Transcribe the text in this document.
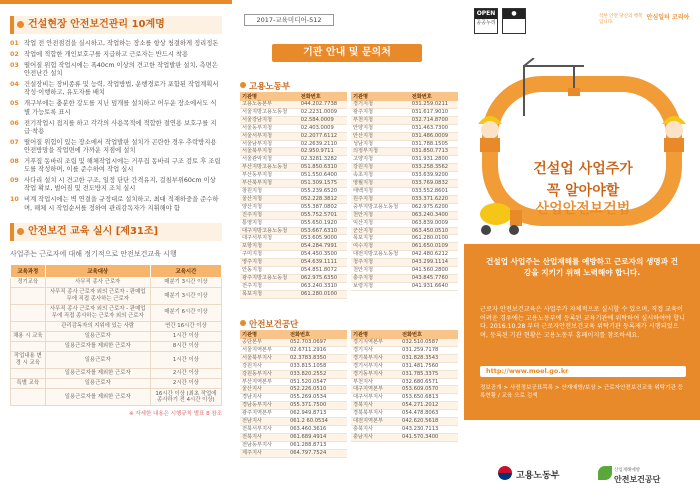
건설현장 안전보건관리 10계명
01 작업 전 안전점검을 실시하고, 작업하는 장소를 항상 청결하게 정리정돈
02 작업에 적합한 개인보호구를 지급하고 근로자는 반드시 착용
03 떨어질 위험 작업시에는 폭40cm 이상의 견고한 작업발판 설치, 측면은 안전난간 설치
04 건설장비는 장비종류 및 능력, 작업방법, 운행경로가 포함된 작업계획서 작성·이행하고, 유도자를 배치
05 개구부에는 충분한 강도를 지닌 덮개를 설치하고 어두운 장소에서도 식별 가능토록 표시
06 전기작업시 접지를 하고 각각의 사용목적에 적합한 절연용 보호구를 지급·착용
07 떨어질 위험이 있는 장소에서 작업발판 설치가 곤란한 경우 추락방지용 안전방망을 작업면에 가까운 지점에 설치
08 거푸집 동바리 조립 및 해체작업시에는 거푸집 동바리 구조 검토 후 조립도를 작성하며, 이를 준수하여 작업 실시
09 사다리 설치 시 견고한 구조, 일정 단단 간격유지, 걸침부위60cm 이상 작업 확보, 벌어짐 및 전도방지 조치 실시
10 비계 작업시에는 벽 연결을 규정대로 설치하고, 최대 적재하중을 준수하며, 해체 시 작업순서를 정하여 관리감독자가 지휘해야 함
안전보건 교육 실시 [제31조]
사업주는 근로자에 대해 정기적으로 안전보건교육 시행
교육과정	교육대상	교육시간
정기교육	사무직 종사 근로자	매분기 3시간 이상
	사무직 종사 근로자 외의 근로자 - 판매업무에 직접 종사하는 근로자	매분기 3시간 이상
	사무직 종사 근로자 외의 근로자 - 판매업무에 직접 종사하는 근로자 외의 근로자	매분기 6시간 이상
	관리감독자의 지위에 있는 사람	연간 16시간 이상
채용 시 교육	일용근로자	1시간 이상
	일용근로자를 제외한 근로자	8시간 이상
작업내용 변경 시 교육	일용근로자	1시간 이상
	일용근로자를 제외한 근로자	2시간 이상
특별 교육	일용근로자	2시간 이상
	일용근로자를 제외한 근로자	16시간 이상 (최초 작업에 종사하기 전 4시간 이상)
※ 자세한 내용은 시행규칙 별표 8 참조
2017-교육미디어-512
기관 안내 및 문의처
고용노동부
기관명	전화번호
고용노동본부	044.202.7738
서울지방고용노동청	02.2231.0009
서울강남지청	02.584.0009
서울동부지청	02.403.0009
서울서부지청	02.2077.6112
서울남부지청	02.2639.2110
서울북부지청	02.950.9711
서울관악지청	02.3281.3282
부산지방고용노동청	051.850.6310
부산동부지청	051.550.6400
부산북부지청	051.309.1575
창원지청	055.239.6520
울산지청	052.228.3812
양산지청	055.387.0802
진주지청	055.752.5701
통영지청	055.650.1920
대구지방고용노동청	053.667.6310
대구서부지청	053.605.9000
포항지청	054.284.7991
구미지청	054.450.3500
영주지청	054.639.1111
안동지청	054.851.8072
광주지방고용노동청	062.975.6350
전주지청	063.240.3310
목포지청	061.280.0100
기관명	전화번호
경기지청	031.259.0211
광주지청	031.617.9010
부천지청	032.714.8700
안양지청	031.463.7300
안산지청	031.486.0009
성남지청	031.788.1505
의정부지청	031.850.7713
고양지청	031.931.2800
강원지청	033.258.3562
속초지청	033.639.9200
영월지청	033.769.0832
태백지청	033.552.8601
원주지청	033.371.6220
중부지방고용노동청	062.975.6200
천안지청	063.240.3400
익산지청	063.839.0009
군산지청	063.450.0510
목포지청	061.280.0100
여수지청	061.650.0109
대전지방고용노동청	042.480.6212
청주지청	043.299.1114
천안지청	041.560.2800
충주지청	043.845.7760
보령지청	041.931.6640
안전보건공단
기관명	전화번호
공단본부	052.703.0697
서울지역본부	02.6711.2916
서울북부지사	02.3783.8350
강원지사	033.815.1058
강원동부지사	033.820.2552
부산지역본부	051.520.0547
울산지사	052.226.0510
경남지사	055.269.0534
경남동부지사	055.371.7500
광주지역본부	062.949.8713
전남지사	061.2 60.0534
전북서부지사	063.460.3616
전북지사	061.689.4914
전남동부지사	061.288.8713
제주지사	064.797.7524
기관명	전화번호
경기지역본부	032.510.0587
경기지사	031.259.7178
경기북부지사	031.828.3543
경기서부지사	031.481.7560
경기동부지사	031.785.3375
부천지사	032.680.6571
대구지역본부	053.609.0570
대구서부지사	053.650.6813
경북지사	054.271.2012
경북북부지사	054.478.8063
대전지역본부	042.620.5618
충북지사	043.230.7113
충남지사	041.570.3400
OPEN
공공누리
●	착한 안전 당신의 행복입니다.
안심일터 코리아
건설업 사업주가
꼭 알아야할
산업안전보건법
건설업 사업주는 산업재해를 예방하고 근로자의 생명과 건강을 지키기 위해 노력해야 합니다.
근로자 안전보건교육은 사업주가 자체적으로 실시할 수 있으며, 직접 교육이 어려운 경우에는 고용노동부에 등록된 교육기관에 위탁하여 실시하여야 합니다. 2016.10.28 부터 근로자안전보건교육 위탁기관 등록제가 시행되었으며, 등록된 기관 현황은 고용노동부 홈페이지를 참조하세요.
http://www.moel.go.kr
정보공개 > 사전정보공표목록 > 산재예방/보상 > 근로자안전보건교육 위탁기관 등록현황 / 교육 으로 검색
고용노동부
산업재해예방
안전보건공단
